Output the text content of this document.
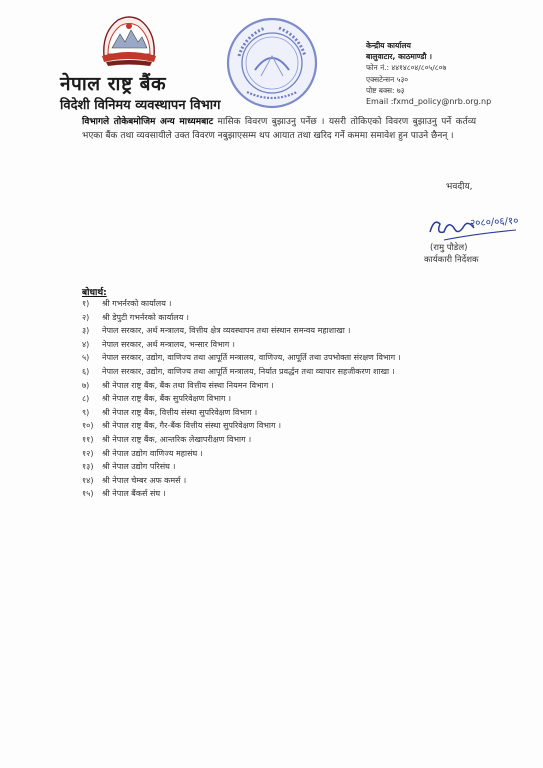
नेपाल राष्ट्र बैंक
विदेशी विनिमय व्यवस्थापन विभाग
केन्द्रीय कार्यालय
बालुवाटार, काठमाण्डौ ।
फोन नं.: ४४१४८०४/८०५/८०७
एक्सटेन्सन ५३०
पोष्ट बक्स: ७३
Email :fxmd_policy@nrb.org.np
विभागले तोकेबमोजिम अन्य माध्यमबाट मासिक विवरण बुझाउनु पर्नेछ । यसरी तोकिएको विवरण बुझाउनु पर्ने कर्तव्य भएका बैंक तथा व्यवसायीले उक्त विवरण नबुझाएसम्म थप आयात तथा खरिद गर्ने कममा समावेश हुन पाउने छैनन् ।
भवदीय,
२०८०/०६/१०
(रामु पौडेल)
कार्यकारी निर्देशक
बोधार्थ:
१)	श्री गभर्नरको कार्यालय ।
२)	श्री डेपुटी गभर्नरको कार्यालय ।
३)	नेपाल सरकार, अर्थ मन्त्रालय, वित्तीय क्षेत्र व्यवस्थापन तथा संस्थान समन्वय महाशाखा ।
४)	नेपाल सरकार, अर्थ मन्त्रालय, भन्सार विभाग ।
५)	नेपाल सरकार, उद्योग, वाणिज्य तथा आपूर्ति मन्त्रालय, वाणिज्य, आपूर्ति तथा उपभोक्ता संरक्षण विभाग ।
६)	नेपाल सरकार, उद्योग, वाणिज्य तथा आपूर्ति मन्त्रालय, निर्यात प्रवर्द्धन तथा व्यापार सहजीकरण शाखा ।
७)	श्री नेपाल राष्ट्र बैंक, बैंक तथा वित्तीय संस्था नियमन विभाग ।
८)	श्री नेपाल राष्ट्र बैंक, बैंक सुपरिवेक्षण विभाग ।
९)	श्री नेपाल राष्ट्र बैंक, वित्तीय संस्था सुपरिवेक्षण विभाग ।
१०)	श्री नेपाल राष्ट्र बैंक, गैर-बैंक वित्तीय संस्था सुपरिवेक्षण विभाग ।
११)	श्री नेपाल राष्ट्र बैंक, आन्तरिक लेखापरीक्षण विभाग ।
१२)	श्री नेपाल उद्योग वाणिज्य महासंघ ।
१३)	श्री नेपाल उद्योग परिसंघ ।
१४)	श्री नेपाल चेम्बर अफ कमर्स ।
१५)	श्री नेपाल बैंकर्स संघ ।
